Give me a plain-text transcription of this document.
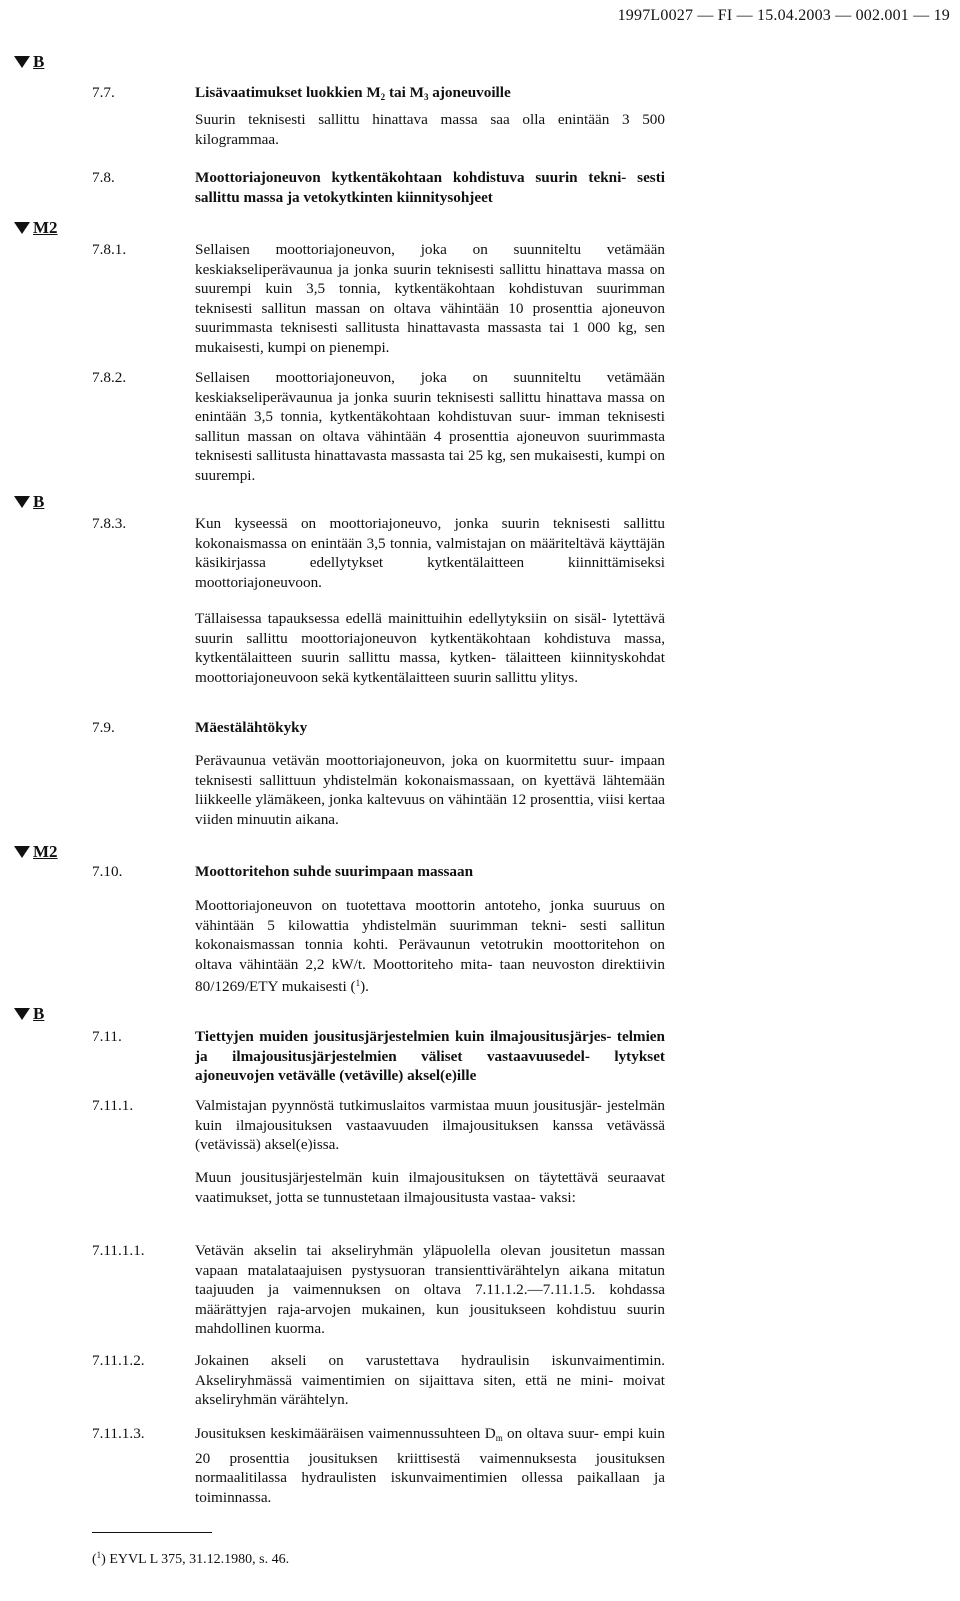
1997L0027 — FI — 15.04.2003 — 002.001 — 19
B
M2
B
M2
B
7.7.	Lisävaatimukset luokkien $M_2$ tai $M_3$ ajoneuvoille
Suurin teknisesti sallittu hinattava massa saa olla enintään 3 500 kilogrammaa.
7.8.	Moottoriajoneuvon kytkentäkohtaan kohdistuva suurin tekni- sesti sallittu massa ja vetokytkinten kiinnitysohjeet
7.8.1.	Sellaisen moottoriajoneuvon, joka on suunniteltu vetämään keskiakseliperävaunua ja jonka suurin teknisesti sallittu hinattava massa on suurempi kuin 3,5 tonnia, kytkentäkohtaan kohdistuvan suurimman teknisesti sallitun massan on oltava vähintään 10 prosenttia ajoneuvon suurimmasta teknisesti sallitusta hinattavasta massasta tai 1 000 kg, sen mukaisesti, kumpi on pienempi.
7.8.2.	Sellaisen moottoriajoneuvon, joka on suunniteltu vetämään keskiakseliperävaunua ja jonka suurin teknisesti sallittu hinattava massa on enintään 3,5 tonnia, kytkentäkohtaan kohdistuvan suur- imman teknisesti sallitun massan on oltava vähintään 4 prosenttia ajoneuvon suurimmasta teknisesti sallitusta hinattavasta massasta tai 25 kg, sen mukaisesti, kumpi on suurempi.
7.8.3.	Kun kyseessä on moottoriajoneuvo, jonka suurin teknisesti sallittu kokonaismassa on enintään 3,5 tonnia, valmistajan on määriteltävä käyttäjän käsikirjassa edellytykset kytkentälaitteen kiinnittämiseksi moottoriajoneuvoon.
Tällaisessa tapauksessa edellä mainittuihin edellytyksiin on sisäl- lytettävä suurin sallittu moottoriajoneuvon kytkentäkohtaan kohdistuva massa, kytkentälaitteen suurin sallittu massa, kytken- tälaitteen kiinnityskohdat moottoriajoneuvoon sekä kytkentälaitteen suurin sallittu ylitys.
7.9.	Mäestälähtökyky
Perävaunua vetävän moottoriajoneuvon, joka on kuormitettu suur- impaan teknisesti sallittuun yhdistelmän kokonaismassaan, on kyettävä lähtemään liikkeelle ylämäkeen, jonka kaltevuus on vähintään 12 prosenttia, viisi kertaa viiden minuutin aikana.
7.10.	Moottoritehon suhde suurimpaan massaan
Moottoriajoneuvon on tuotettava moottorin antoteho, jonka suuruus on vähintään 5 kilowattia yhdistelmän suurimman tekni- sesti sallitun kokonaismassan tonnia kohti. Perävaunun vetotrukin moottoritehon on oltava vähintään 2,2 kW/t. Moottoriteho mita- taan neuvoston direktiivin 80/1269/ETY mukaisesti ($^1$).
7.11.	Tiettyjen muiden jousitusjärjestelmien kuin ilmajousitusjärjes- telmien ja ilmajousitusjärjestelmien väliset vastaavuusedel- lytykset ajoneuvojen vetävälle (vetäville) aksel(e)ille
7.11.1.	Valmistajan pyynnöstä tutkimuslaitos varmistaa muun jousitusjär- jestelmän kuin ilmajousituksen vastaavuuden ilmajousituksen kanssa vetävässä (vetävissä) aksel(e)issa.
Muun jousitusjärjestelmän kuin ilmajousituksen on täytettävä seuraavat vaatimukset, jotta se tunnustetaan ilmajousitusta vastaa- vaksi:
7.11.1.1.	Vetävän akselin tai akseliryhmän yläpuolella olevan jousitetun massan vapaan matalataajuisen pystysuoran transienttivärähtelyn aikana mitatun taajuuden ja vaimennuksen on oltava 7.11.1.2.—7.11.1.5. kohdassa määrättyjen raja-arvojen mukainen, kun jousitukseen kohdistuu suurin mahdollinen kuorma.
7.11.1.2.	Jokainen akseli on varustettava hydraulisin iskunvaimentimin. Akseliryhmässä vaimentimien on sijaittava siten, että ne mini- moivat akseliryhmän värähtelyn.
7.11.1.3.	Jousituksen keskimääräisen vaimennussuhteen $D_m$ on oltava suur- empi kuin 20 prosenttia jousituksen kriittisestä vaimennuksesta jousituksen normaalitilassa hydraulisten iskunvaimentimien ollessa paikallaan ja toiminnassa.
($^1$) EYVL L 375, 31.12.1980, s. 46.
